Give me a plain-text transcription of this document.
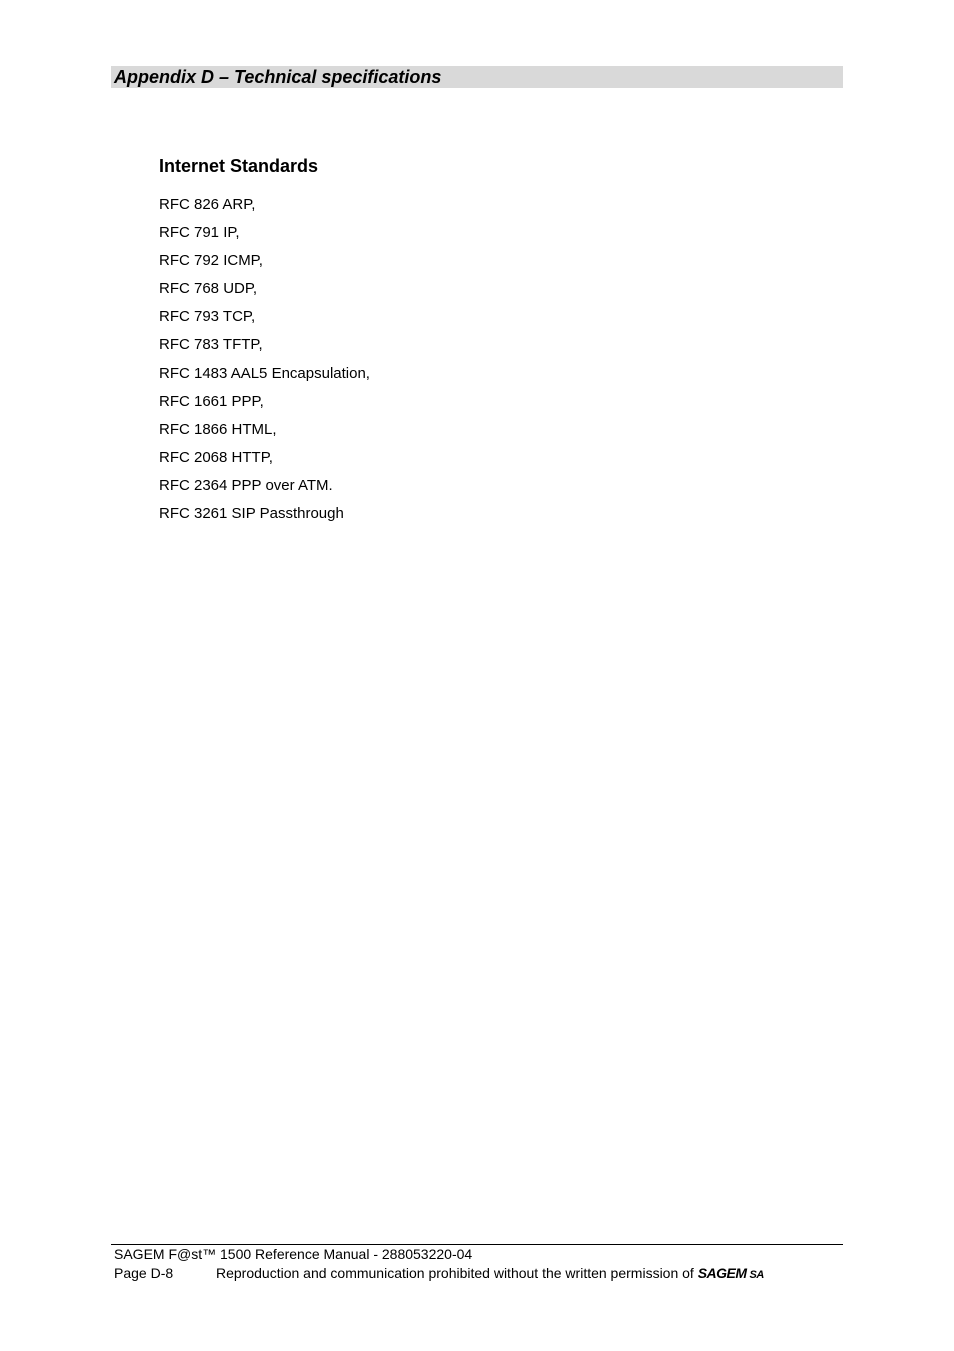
Appendix D – Technical specifications
Internet Standards
RFC 826 ARP,
RFC 791 IP,
RFC 792 ICMP,
RFC 768 UDP,
RFC 793 TCP,
RFC 783 TFTP,
RFC 1483 AAL5 Encapsulation,
RFC 1661 PPP,
RFC 1866 HTML,
RFC 2068 HTTP,
RFC 2364 PPP over ATM.
RFC 3261 SIP Passthrough
SAGEM F@st™ 1500 Reference Manual - 288053220-04
Page D-8	Reproduction and communication prohibited without the written permission of SAGEM SA
